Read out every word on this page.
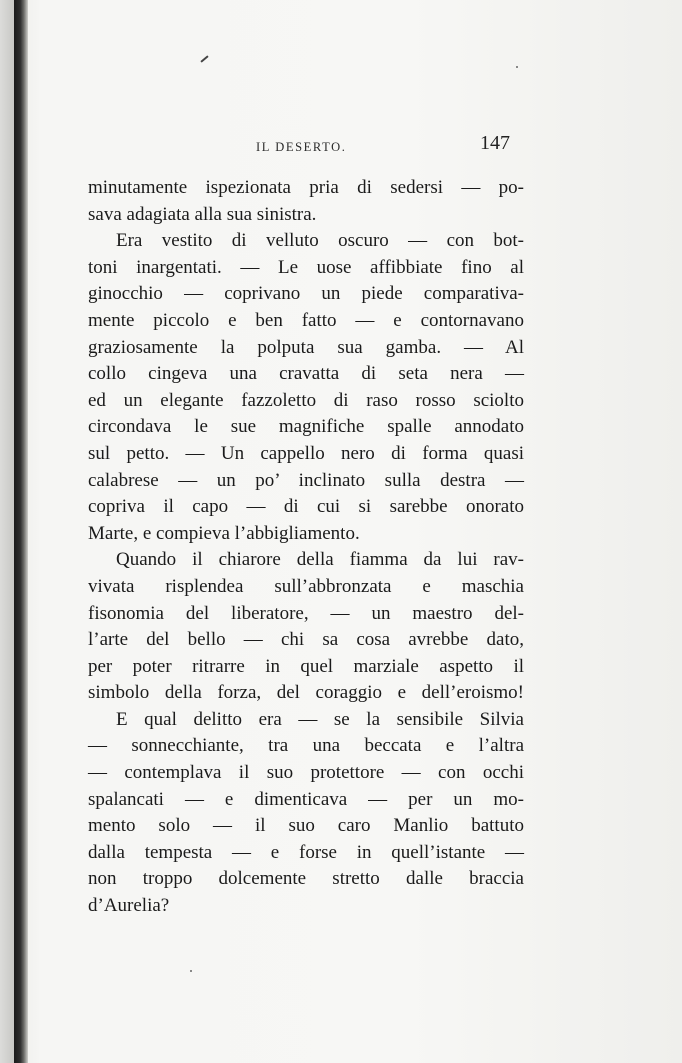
IL DESERTO.	147
minutamente ispezionata pria di sedersi — po-
sava adagiata alla sua sinistra.
Era vestito di velluto oscuro — con bot-
toni inargentati. — Le uose affibbiate fino al
ginocchio — coprivano un piede comparativa-
mente piccolo e ben fatto — e contornavano
graziosamente la polputa sua gamba. — Al
collo cingeva una cravatta di seta nera —
ed un elegante fazzoletto di raso rosso sciolto
circondava le sue magnifiche spalle annodato
sul petto. — Un cappello nero di forma quasi
calabrese — un po’ inclinato sulla destra —
copriva il capo — di cui si sarebbe onorato
Marte, e compieva l’abbigliamento.
Quando il chiarore della fiamma da lui rav-
vivata risplendea sull’abbronzata e maschia
fisonomia del liberatore, — un maestro del-
l’arte del bello — chi sa cosa avrebbe dato,
per poter ritrarre in quel marziale aspetto il
simbolo della forza, del coraggio e dell’eroismo!
E qual delitto era — se la sensibile Silvia
— sonnecchiante, tra una beccata e l’altra
— contemplava il suo protettore — con occhi
spalancati — e dimenticava — per un mo-
mento solo — il suo caro Manlio battuto
dalla tempesta — e forse in quell’istante —
non troppo dolcemente stretto dalle braccia
d’Aurelia?
